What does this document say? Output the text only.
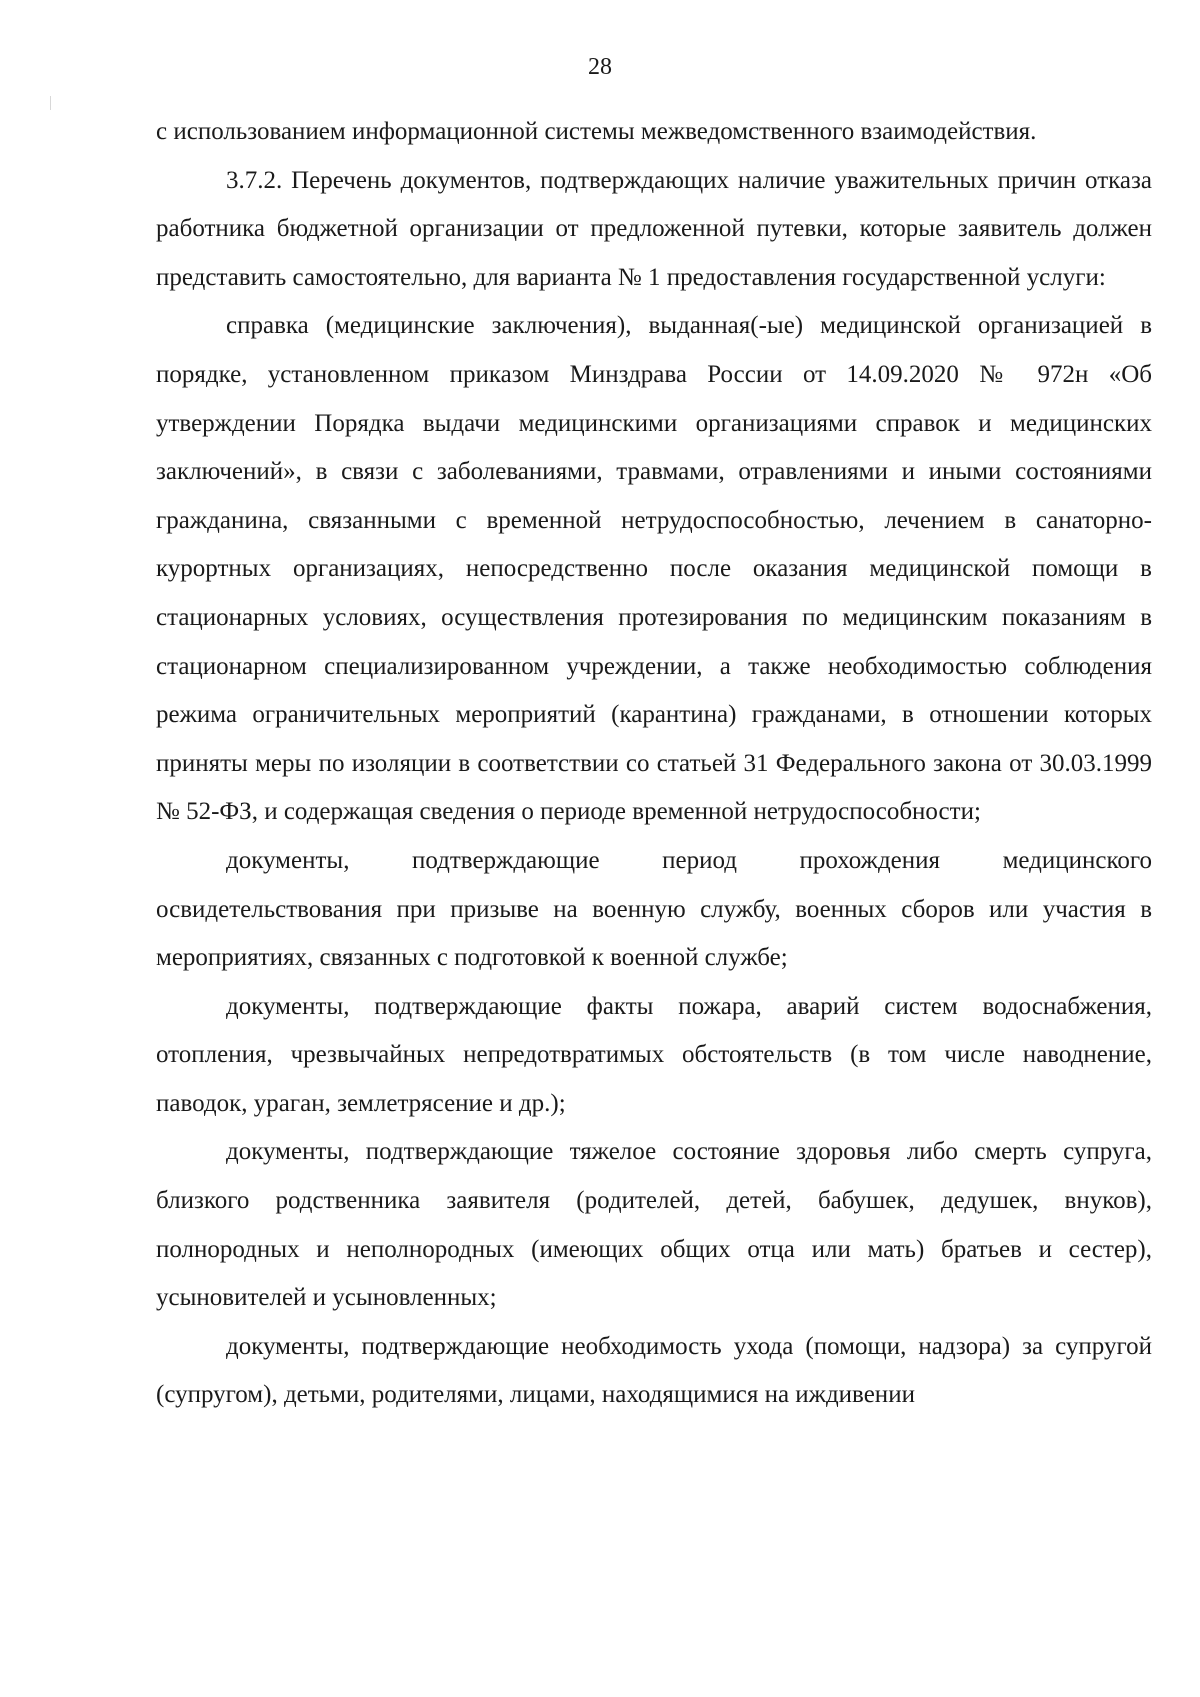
28

с использованием информационной системы межведомственного взаимодействия.

3.7.2. Перечень документов, подтверждающих наличие уважительных причин отказа работника бюджетной организации от предложенной путевки, которые заявитель должен представить самостоятельно, для варианта № 1 предоставления государственной услуги:

справка (медицинские заключения), выданная(-ые) медицинской организацией в порядке, установленном приказом Минздрава России от 14.09.2020 № 972н «Об утверждении Порядка выдачи медицинскими организациями справок и медицинских заключений», в связи с заболеваниями, травмами, отравлениями и иными состояниями гражданина, связанными с временной нетрудоспособностью, лечением в санаторно-курортных организациях, непосредственно после оказания медицинской помощи в стационарных условиях, осуществления протезирования по медицинским показаниям в стационарном специализированном учреждении, а также необходимостью соблюдения режима ограничительных мероприятий (карантина) гражданами, в отношении которых приняты меры по изоляции в соответствии со статьей 31 Федерального закона от 30.03.1999 № 52-ФЗ, и содержащая сведения о периоде временной нетрудоспособности;

документы, подтверждающие период прохождения медицинского освидетельствования при призыве на военную службу, военных сборов или участия в мероприятиях, связанных с подготовкой к военной службе;

документы, подтверждающие факты пожара, аварий систем водоснабжения, отопления, чрезвычайных непредотвратимых обстоятельств (в том числе наводнение, паводок, ураган, землетрясение и др.);

документы, подтверждающие тяжелое состояние здоровья либо смерть супруга, близкого родственника заявителя (родителей, детей, бабушек, дедушек, внуков), полнородных и неполнородных (имеющих общих отца или мать) братьев и сестер), усыновителей и усыновленных;

документы, подтверждающие необходимость ухода (помощи, надзора) за супругой (супругом), детьми, родителями, лицами, находящимися на иждивении
